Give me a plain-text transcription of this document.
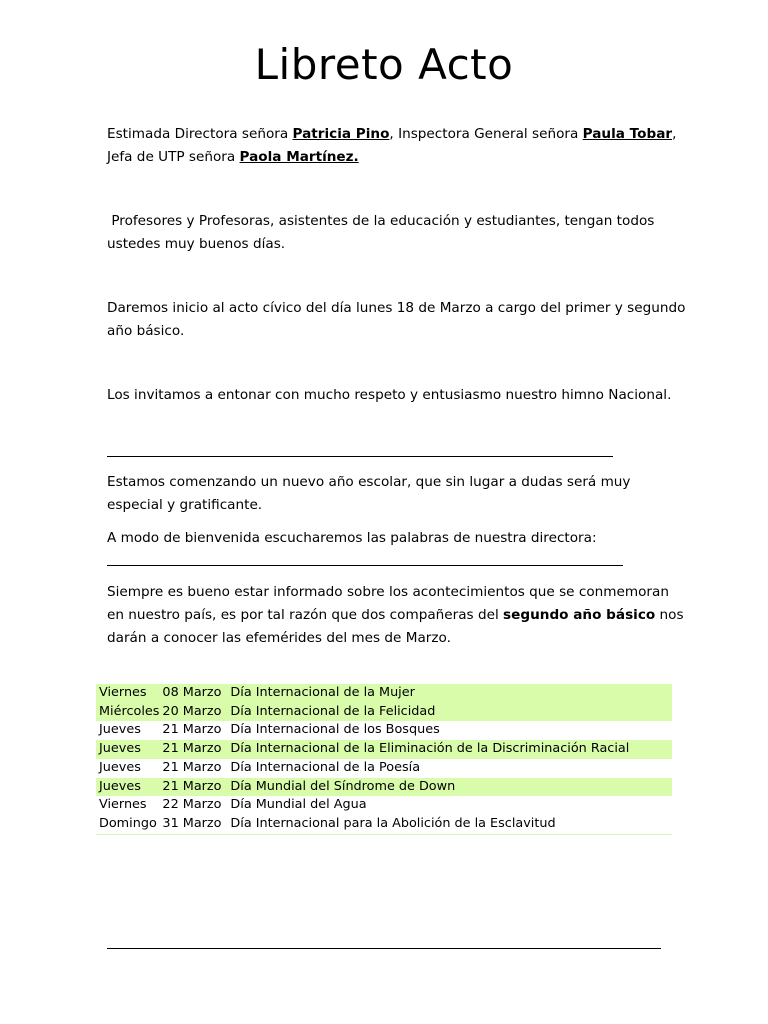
Libreto Acto
Estimada Directora señora Patricia Pino, Inspectora General señora Paula Tobar, Jefa de UTP señora Paola Martínez.
Profesores y Profesoras, asistentes de la educación y estudiantes, tengan todos ustedes muy buenos días.
Daremos inicio al acto cívico del día lunes 18 de Marzo a cargo del primer y segundo año básico.
Los invitamos a entonar con mucho respeto y entusiasmo nuestro himno Nacional.
Estamos comenzando un nuevo año escolar, que sin lugar a dudas será muy especial y gratificante.
A modo de bienvenida escucharemos las palabras de nuestra directora:
Siempre es bueno estar informado sobre los acontecimientos que se conmemoran en nuestro país, es por tal razón que dos compañeras del segundo año básico nos darán a conocer las efemérides del mes de Marzo.
Viernes	08 Marzo	Día Internacional de la Mujer
Miércoles	20 Marzo	Día Internacional de la Felicidad
Jueves	21 Marzo	Día Internacional de los Bosques
Jueves	21 Marzo	Día Internacional de la Eliminación de la Discriminación Racial
Jueves	21 Marzo	Día Internacional de la Poesía
Jueves	21 Marzo	Día Mundial del Síndrome de Down
Viernes	22 Marzo	Día Mundial del Agua
Domingo	31 Marzo	Día Internacional para la Abolición de la Esclavitud
